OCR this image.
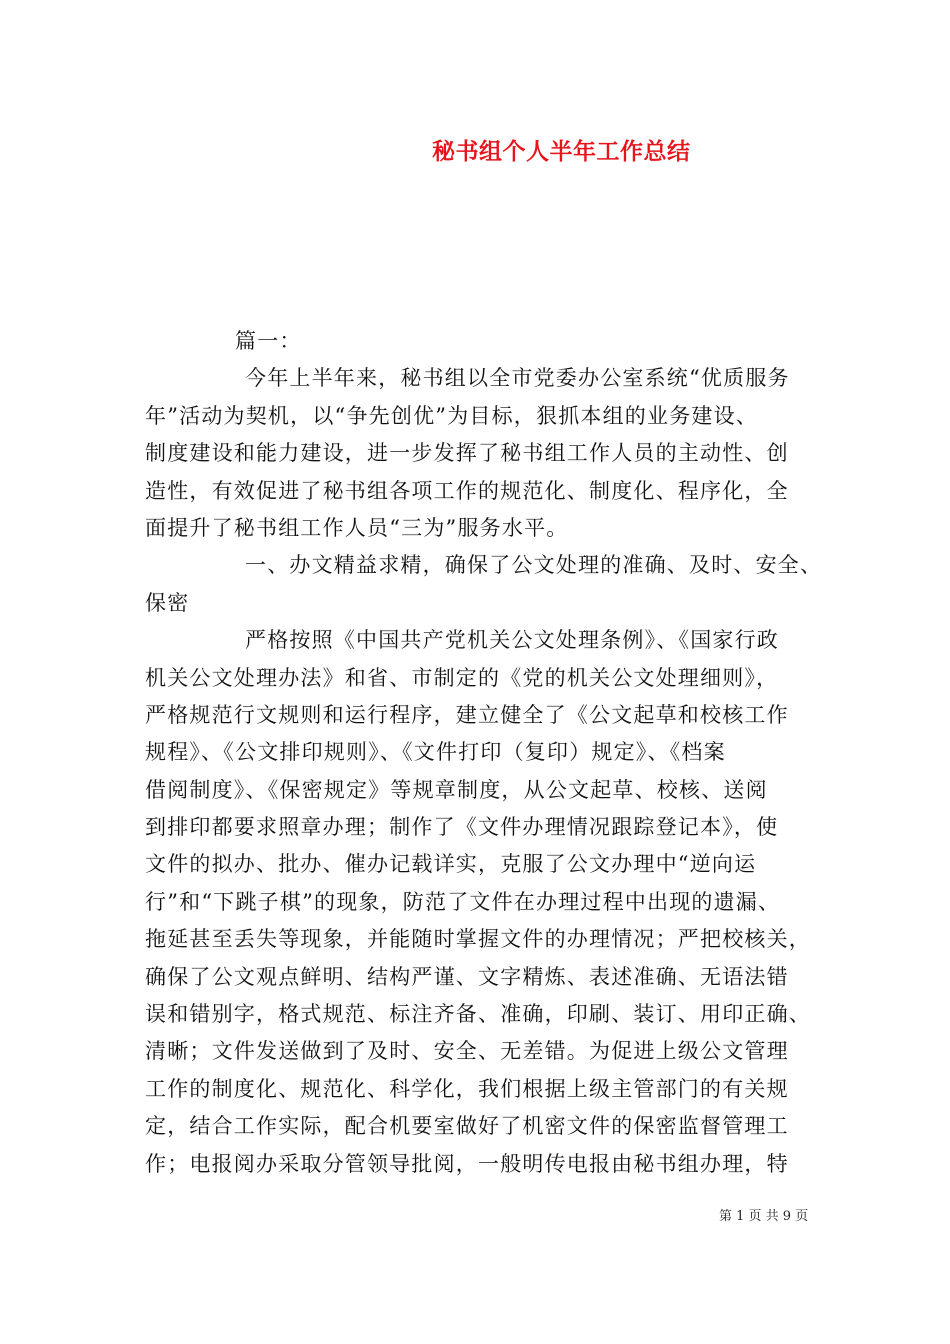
秘书组个人半年工作总结
篇一：
今年上半年来，秘书组以全市党委办公室系统“优质服务
年”活动为契机，以“争先创优”为目标，狠抓本组的业务建设、
制度建设和能力建设，进一步发挥了秘书组工作人员的主动性、创
造性，有效促进了秘书组各项工作的规范化、制度化、程序化，全
面提升了秘书组工作人员“三为”服务水平。
一、办文精益求精，确保了公文处理的准确、及时、安全、
保密
严格按照《中国共产党机关公文处理条例》、《国家行政
机关公文处理办法》和省、市制定的《党的机关公文处理细则》，
严格规范行文规则和运行程序，建立健全了《公文起草和校核工作
规程》、《公文排印规则》、《文件打印（复印）规定》、《档案
借阅制度》、《保密规定》等规章制度，从公文起草、校核、送阅
到排印都要求照章办理；制作了《文件办理情况跟踪登记本》，使
文件的拟办、批办、催办记载详实，克服了公文办理中“逆向运
行”和“下跳子棋”的现象，防范了文件在办理过程中出现的遗漏、
拖延甚至丢失等现象，并能随时掌握文件的办理情况；严把校核关，
确保了公文观点鲜明、结构严谨、文字精炼、表述准确、无语法错
误和错别字，格式规范、标注齐备、准确，印刷、装订、用印正确、
清晰；文件发送做到了及时、安全、无差错。为促进上级公文管理
工作的制度化、规范化、科学化，我们根据上级主管部门的有关规
定，结合工作实际，配合机要室做好了机密文件的保密监督管理工
作；电报阅办采取分管领导批阅，一般明传电报由秘书组办理，特
第 1 页 共 9 页
